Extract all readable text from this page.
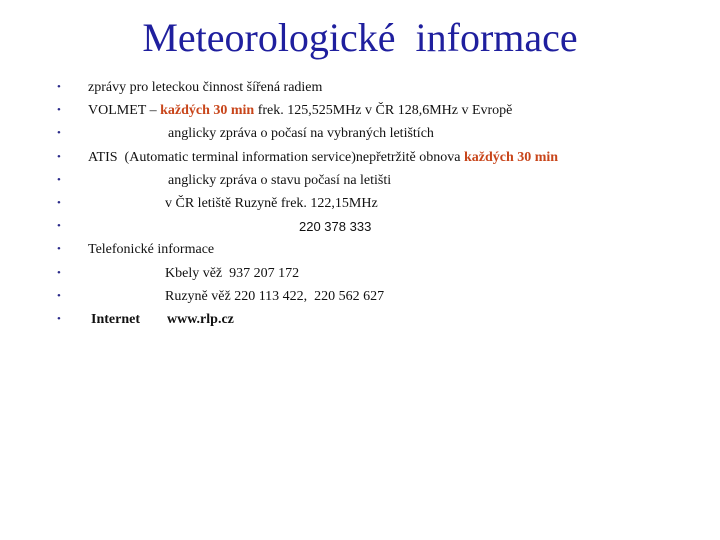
Meteorologické  informace

•

	zprávy pro leteckou činnost šířená radiem

•

	VOLMET – každých 30 min frek. 125,525MHz v ČR 128,6MHz v Evropě

•

	anglicky zpráva o počasí na vybraných letištích

•

	ATIS  (Automatic terminal information service)nepřetržitě obnova každých 30 min

•

	anglicky zpráva o stavu počasí na letišti

•

	v ČR letiště Ruzyně frek. 122,15MHz

•

	220 378 333

•

	Telefonické informace

•

	Kbely věž  937 207 172

•

	Ruzyně věž 220 113 422,  220 562 627

•

	Internet

www.rlp.cz
